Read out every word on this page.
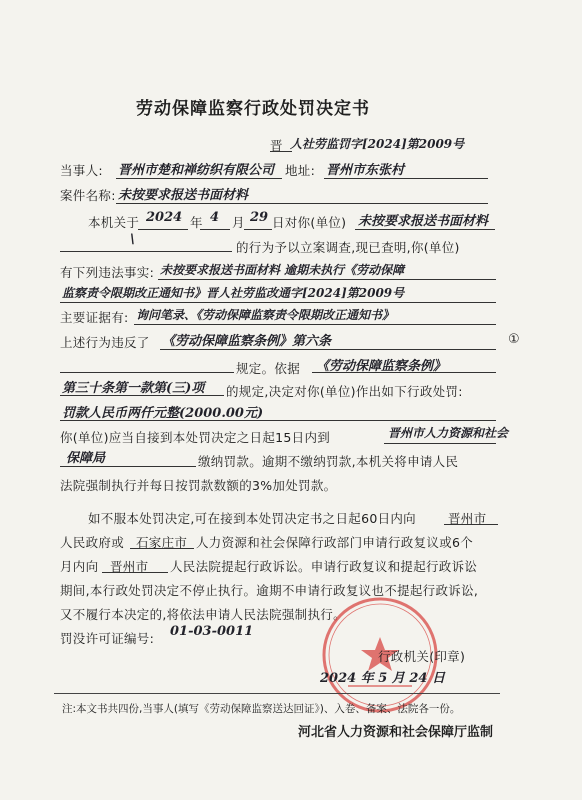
劳动保障监察行政处罚决定书
晋 人社劳监罚字[2024]第2009号
当事人: 晋州市楚和禅纺织有限公司 地址: 晋州市东张村
案件名称: 未按要求报送书面材料
本机关于 2024 年 4 月 29 日对你(单位) 未按要求报送书面材料
\
的行为予以立案调查,现已查明,你(单位)
有下列违法事实: 未按要求报送书面材料 逾期未执行《劳动保障
监察责令限期改正通知书》晋人社劳监改通字[2024]第2009号
主要证据有: 询问笔录、《劳动保障监察责令限期改正通知书》
上述行为违反了 《劳动保障监察条例》第六条	①
规定。依据 《劳动保障监察条例》
第三十条第一款第(三)项 的规定,决定对你(单位)作出如下行政处罚:
罚款人民币两仟元整(2000.00元)
你(单位)应当自接到本处罚决定之日起15日内到	晋州市人力资源和社会
保障局	缴纳罚款。逾期不缴纳罚款,本机关将申请人民
法院强制执行并每日按罚款数额的3%加处罚款。
如不服本处罚决定,可在接到本处罚决定书之日起60日内向	晋州市
人民政府或 石家庄市 人力资源和社会保障行政部门申请行政复议或6个
月内向 晋州市 人民法院提起行政诉讼。申请行政复议和提起行政诉讼
期间,本行政处罚决定不停止执行。逾期不申请行政复议也不提起行政诉讼,
又不履行本决定的,将依法申请人民法院强制执行。
罚没许可证编号: 01-03-0011
行政机关(印章)
2024 年 5 月 24 日
注:本文书共四份,当事人(填写《劳动保障监察送达回证》)、入卷、备案、法院各一份。
河北省人力资源和社会保障厅监制
